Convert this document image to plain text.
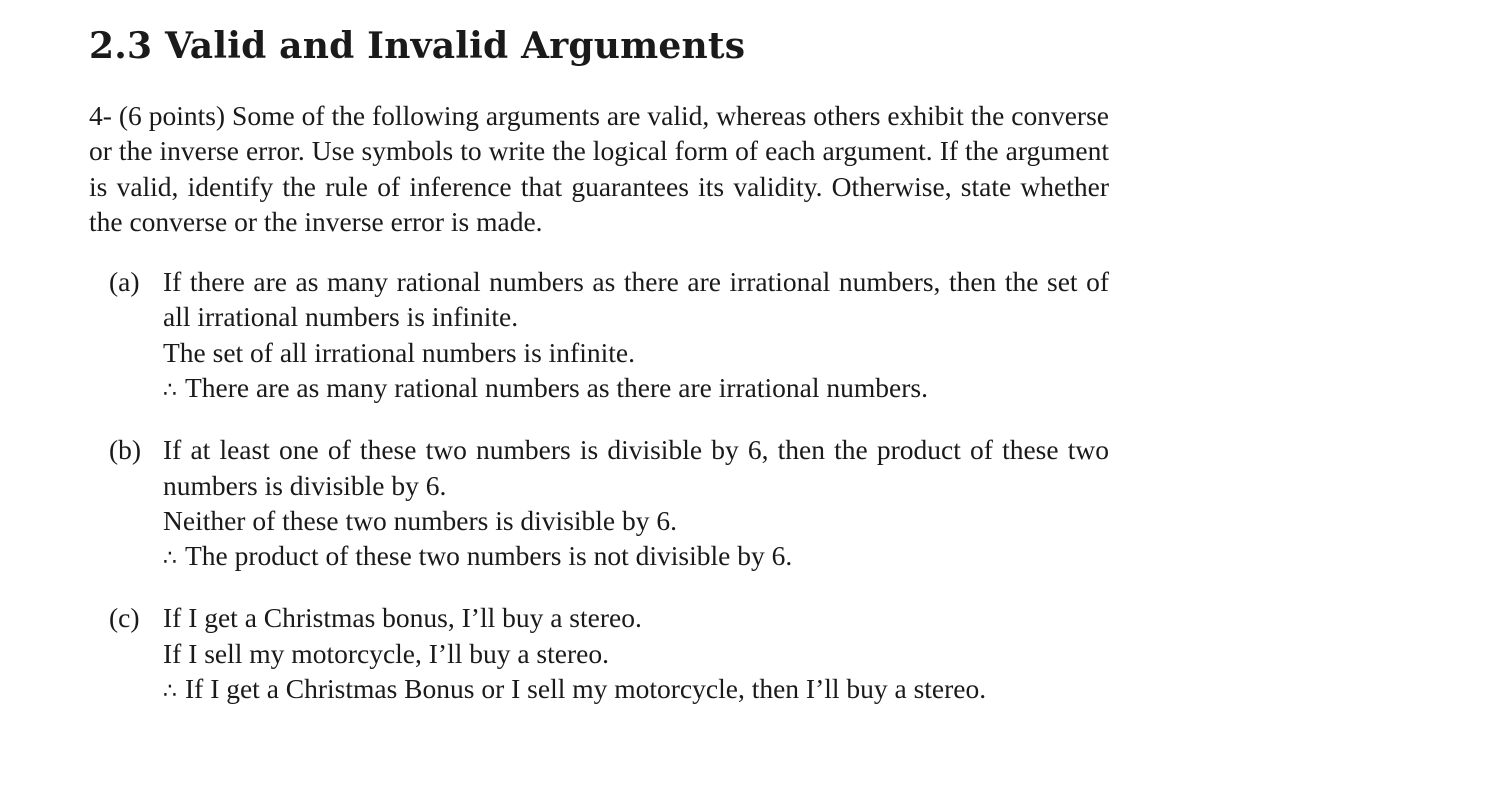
2.3 Valid and Invalid Arguments

4- (6 points) Some of the following arguments are valid, whereas others exhibit the converse or the inverse error. Use symbols to write the logical form of each argument. If the argument is valid, identify the rule of inference that guarantees its validity. Otherwise, state whether the converse or the inverse error is made.

(a) If there are as many rational numbers as there are irrational numbers, then the set of all irrational numbers is infinite.
The set of all irrational numbers is infinite.
∴ There are as many rational numbers as there are irrational numbers.
(b) If at least one of these two numbers is divisible by 6, then the product of these two numbers is divisible by 6.
Neither of these two numbers is divisible by 6.
∴ The product of these two numbers is not divisible by 6.
(c) If I get a Christmas bonus, I’ll buy a stereo.
If I sell my motorcycle, I’ll buy a stereo.
∴ If I get a Christmas Bonus or I sell my motorcycle, then I’ll buy a stereo.
